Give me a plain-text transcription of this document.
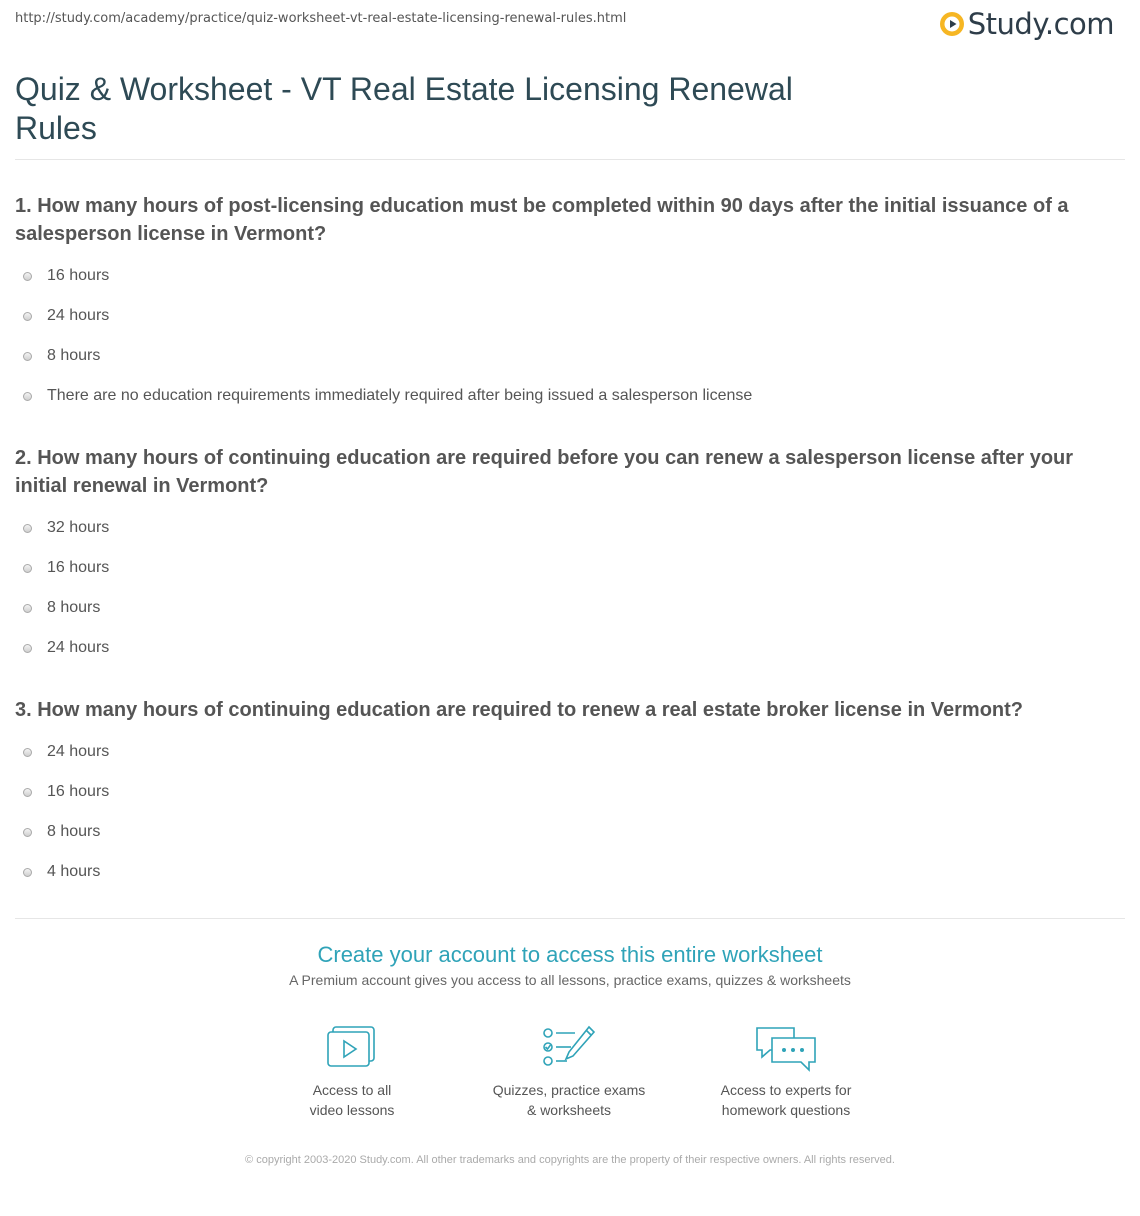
http://study.com/academy/practice/quiz-worksheet-vt-real-estate-licensing-renewal-rules.html	Study.com
Quiz & Worksheet - VT Real Estate Licensing Renewal Rules
1. How many hours of post-licensing education must be completed within 90 days after the initial issuance of a salesperson license in Vermont?
16 hours
24 hours
8 hours
There are no education requirements immediately required after being issued a salesperson license
2. How many hours of continuing education are required before you can renew a salesperson license after your initial renewal in Vermont?
32 hours
16 hours
8 hours
24 hours
3. How many hours of continuing education are required to renew a real estate broker license in Vermont?
24 hours
16 hours
8 hours
4 hours
Create your account to access this entire worksheet
A Premium account gives you access to all lessons, practice exams, quizzes & worksheets
Access to all
video lessons
Quizzes, practice exams
& worksheets
Access to experts for
homework questions
© copyright 2003-2020 Study.com. All other trademarks and copyrights are the property of their respective owners. All rights reserved.
